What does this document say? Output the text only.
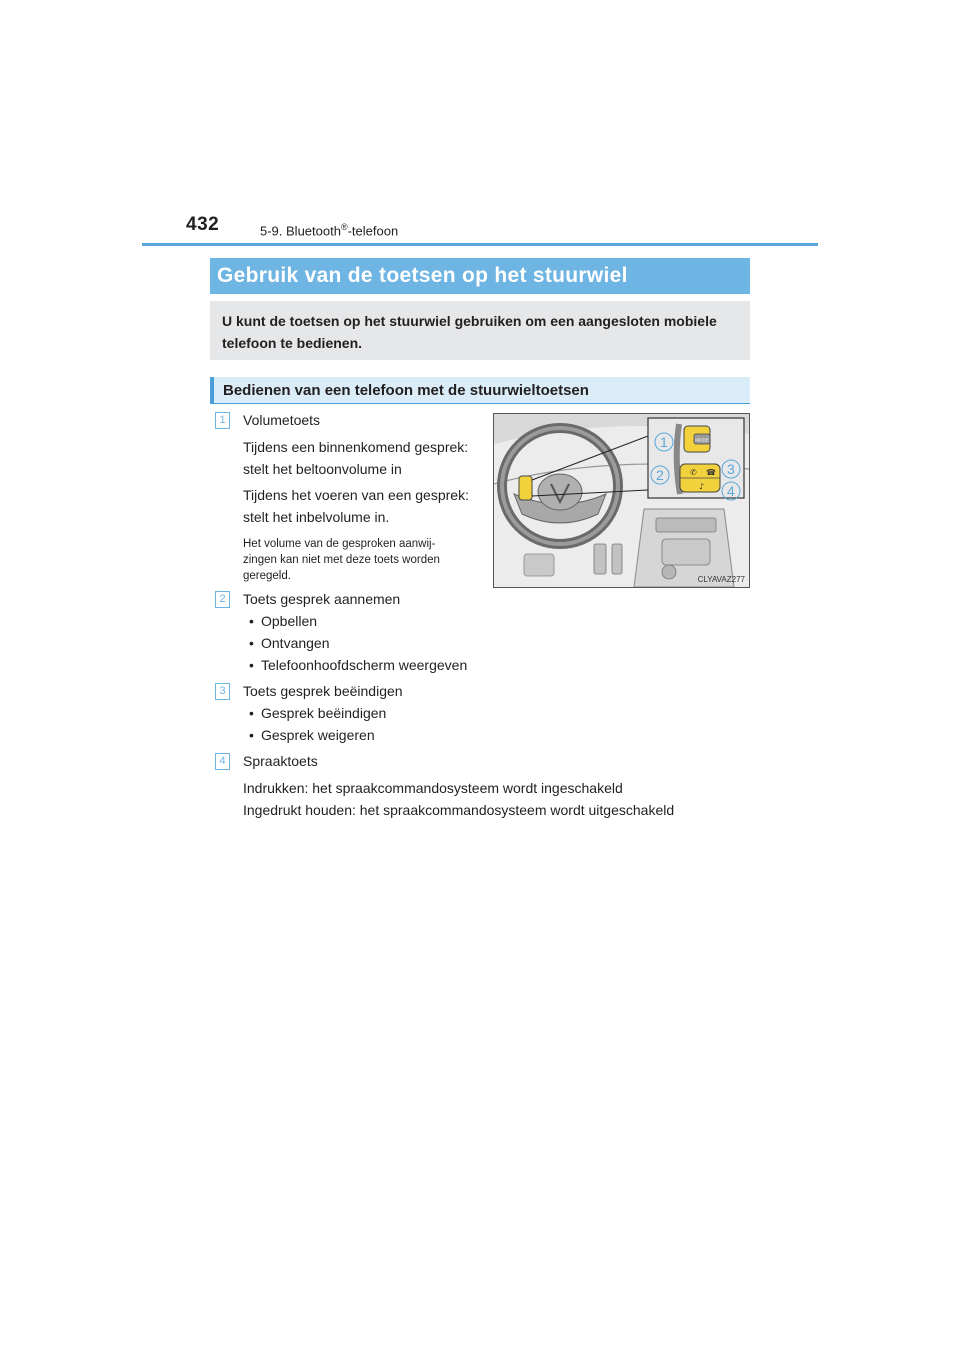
432	5-9. Bluetooth®-telefoon
Gebruik van de toetsen op het stuurwiel
U kunt de toetsen op het stuurwiel gebruiken om een aangesloten mobiele
telefoon te bedienen.
Bedienen van een telefoon met de stuurwieltoetsen
1	Volumetoets
Tijdens een binnenkomend gesprek:
stelt het beltoonvolume in
Tijdens het voeren van een gesprek:
stelt het inbelvolume in.
Het volume van de gesproken aanwij-
zingen kan niet met deze toets worden
geregeld.
MODE
✆ ☎
♪
1
2	3
4
CLYAVAZ277
2	Toets gesprek aannemen
• Opbellen
• Ontvangen
• Telefoonhoofdscherm weergeven
3	Toets gesprek beëindigen
• Gesprek beëindigen
• Gesprek weigeren
4	Spraaktoets
Indrukken: het spraakcommandosysteem wordt ingeschakeld
Ingedrukt houden: het spraakcommandosysteem wordt uitgeschakeld
